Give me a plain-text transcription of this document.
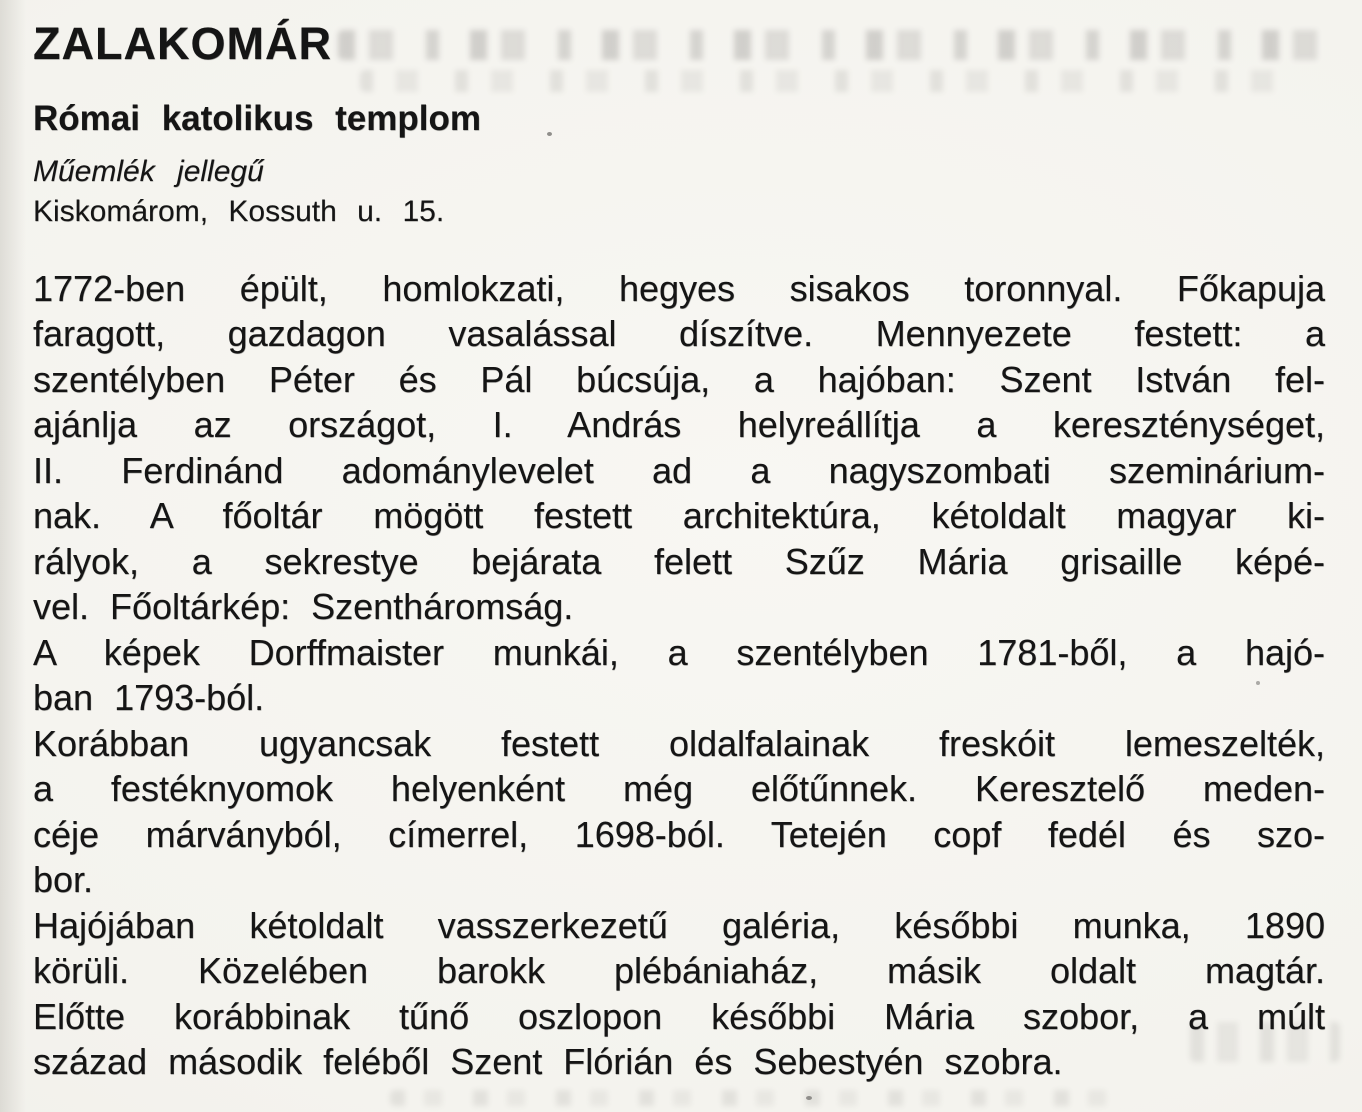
ZALAKOMÁR
Római katolikus templom
Műemlék jellegű
Kiskomárom, Kossuth u. 15.
1772-ben épült, homlokzati, hegyes sisakos toronnyal. Főkapuja
faragott, gazdagon vasalással díszítve. Mennyezete festett: a
szentélyben Péter és Pál búcsúja, a hajóban: Szent István fel-
ajánlja az országot, I. András helyreállítja a kereszténységet,
II. Ferdinánd adománylevelet ad a nagyszombati szeminárium-
nak. A főoltár mögött festett architektúra, kétoldalt magyar ki-
rályok, a sekrestye bejárata felett Szűz Mária grisaille képé-
vel. Főoltárkép: Szentháromság.
A képek Dorffmaister munkái, a szentélyben 1781-ből, a hajó-
ban 1793-ból.
Korábban ugyancsak festett oldalfalainak freskóit lemeszelték,
a festéknyomok helyenként még előtűnnek. Keresztelő meden-
céje márványból, címerrel, 1698-ból. Tetején copf fedél és szo-
bor.
Hajójában kétoldalt vasszerkezetű galéria, későbbi munka, 1890
körüli. Közelében barokk plébániaház, másik oldalt magtár.
Előtte korábbinak tűnő oszlopon későbbi Mária szobor, a múlt
század második feléből Szent Flórián és Sebestyén szobra.
